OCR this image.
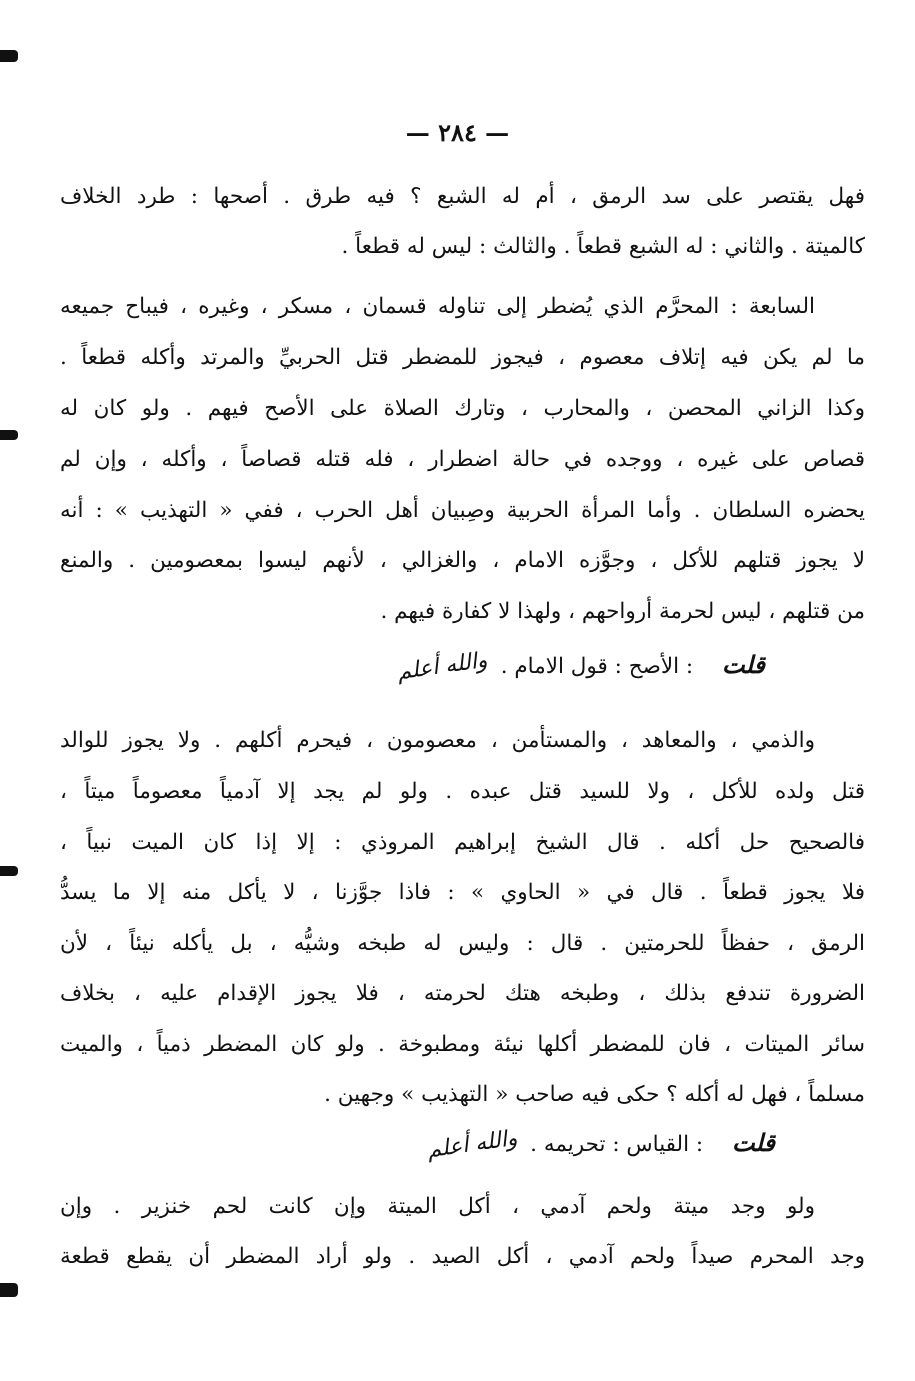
— ٢٨٤ —
فهل يقتصر على سد الرمق ، أم له الشبع ؟ فيه طرق . أصحها : طرد الخلاف
كالميتة . والثاني : له الشبع قطعاً . والثالث : ليس له قطعاً .
السابعة : المحرَّم الذي يُضطر إلى تناوله قسمان ، مسكر ، وغيره ، فيباح جميعه
ما لم يكن فيه إتلاف معصوم ، فيجوز للمضطر قتل الحربيِّ والمرتد وأكله قطعاً .
وكذا الزاني المحصن ، والمحارب ، وتارك الصلاة على الأصح فيهم . ولو كان له
قصاص على غيره ، ووجده في حالة اضطرار ، فله قتله قصاصاً ، وأكله ، وإن لم
يحضره السلطان . وأما المرأة الحربية وصِبيان أهل الحرب ، ففي « التهذيب » : أنه
لا يجوز قتلهم للأكل ، وجوَّزه الامام ، والغزالي ، لأنهم ليسوا بمعصومين . والمنع
من قتلهم ، ليس لحرمة أرواحهم ، ولهذا لا كفارة فيهم .
قلت : الأصح : قول الامام . والله أعلم
والذمي ، والمعاهد ، والمستأمن ، معصومون ، فيحرم أكلهم . ولا يجوز للوالد
قتل ولده للأكل ، ولا للسيد قتل عبده . ولو لم يجد إلا آدمياً معصوماً ميتاً ،
فالصحيح حل أكله . قال الشيخ إبراهيم المروذي : إلا إذا كان الميت نبياً ،
فلا يجوز قطعاً . قال في « الحاوي » : فاذا جوَّزنا ، لا يأكل منه إلا ما يسدُّ
الرمق ، حفظاً للحرمتين . قال : وليس له طبخه وشيُّه ، بل يأكله نيئاً ، لأن
الضرورة تندفع بذلك ، وطبخه هتك لحرمته ، فلا يجوز الإقدام عليه ، بخلاف
سائر الميتات ، فان للمضطر أكلها نيئة ومطبوخة . ولو كان المضطر ذمياً ، والميت
مسلماً ، فهل له أكله ؟ حكى فيه صاحب « التهذيب » وجهين .
قلت : القياس : تحريمه . والله أعلم
ولو وجد ميتة ولحم آدمي ، أكل الميتة وإن كانت لحم خنزير . وإن
وجد المحرم صيداً ولحم آدمي ، أكل الصيد . ولو أراد المضطر أن يقطع قطعة
